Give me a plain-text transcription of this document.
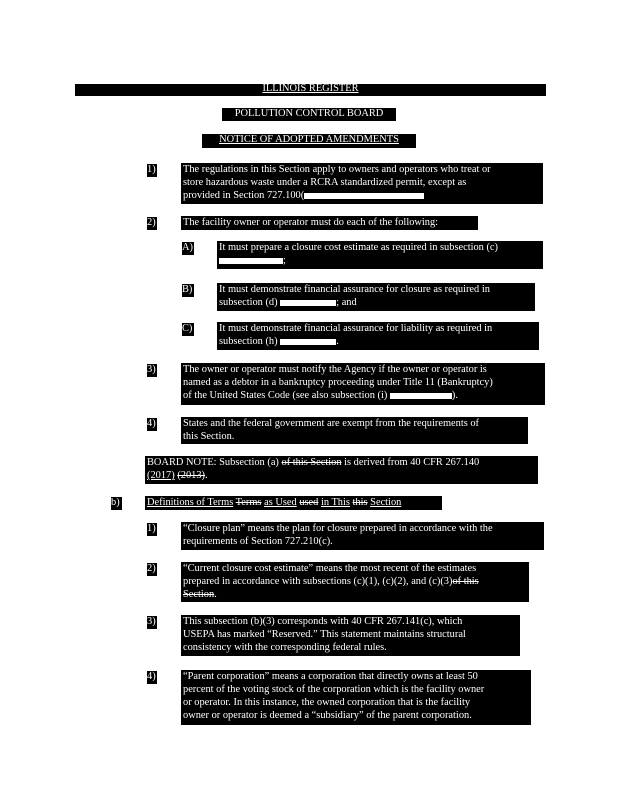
ILLINOIS REGISTER
POLLUTION CONTROL BOARD
NOTICE OF ADOPTED AMENDMENTS
1)	The regulations in this Section apply to owners and operators who treat or
store hazardous waste under a RCRA standardized permit, except as
provided in Section 727.100(
2)	The facility owner or operator must do each of the following:
A)	It must prepare a closure cost estimate as required in subsection (c)
;
B)	It must demonstrate financial assurance for closure as required in
subsection (d)	; and
C)	It must demonstrate financial assurance for liability as required in
subsection (h)	.
3)	The owner or operator must notify the Agency if the owner or operator is
named as a debtor in a bankruptcy proceeding under Title 11 (Bankruptcy)
of the United States Code (see also subsection (i)	).
4)	States and the federal government are exempt from the requirements of
this Section.
BOARD NOTE: Subsection (a) of this Section is derived from 40 CFR 267.140
(2017) (2013).
b)	Definitions of Terms Terms as Used used in This this Section
1)	“Closure plan” means the plan for closure prepared in accordance with the
requirements of Section 727.210(c).
2)	“Current closure cost estimate” means the most recent of the estimates
prepared in accordance with subsections (c)(1), (c)(2), and (c)(3)of this
Section.
3)	This subsection (b)(3) corresponds with 40 CFR 267.141(c), which
USEPA has marked “Reserved.” This statement maintains structural
consistency with the corresponding federal rules.
4)	“Parent corporation” means a corporation that directly owns at least 50
percent of the voting stock of the corporation which is the facility owner
or operator. In this instance, the owned corporation that is the facility
owner or operator is deemed a “subsidiary” of the parent corporation.
